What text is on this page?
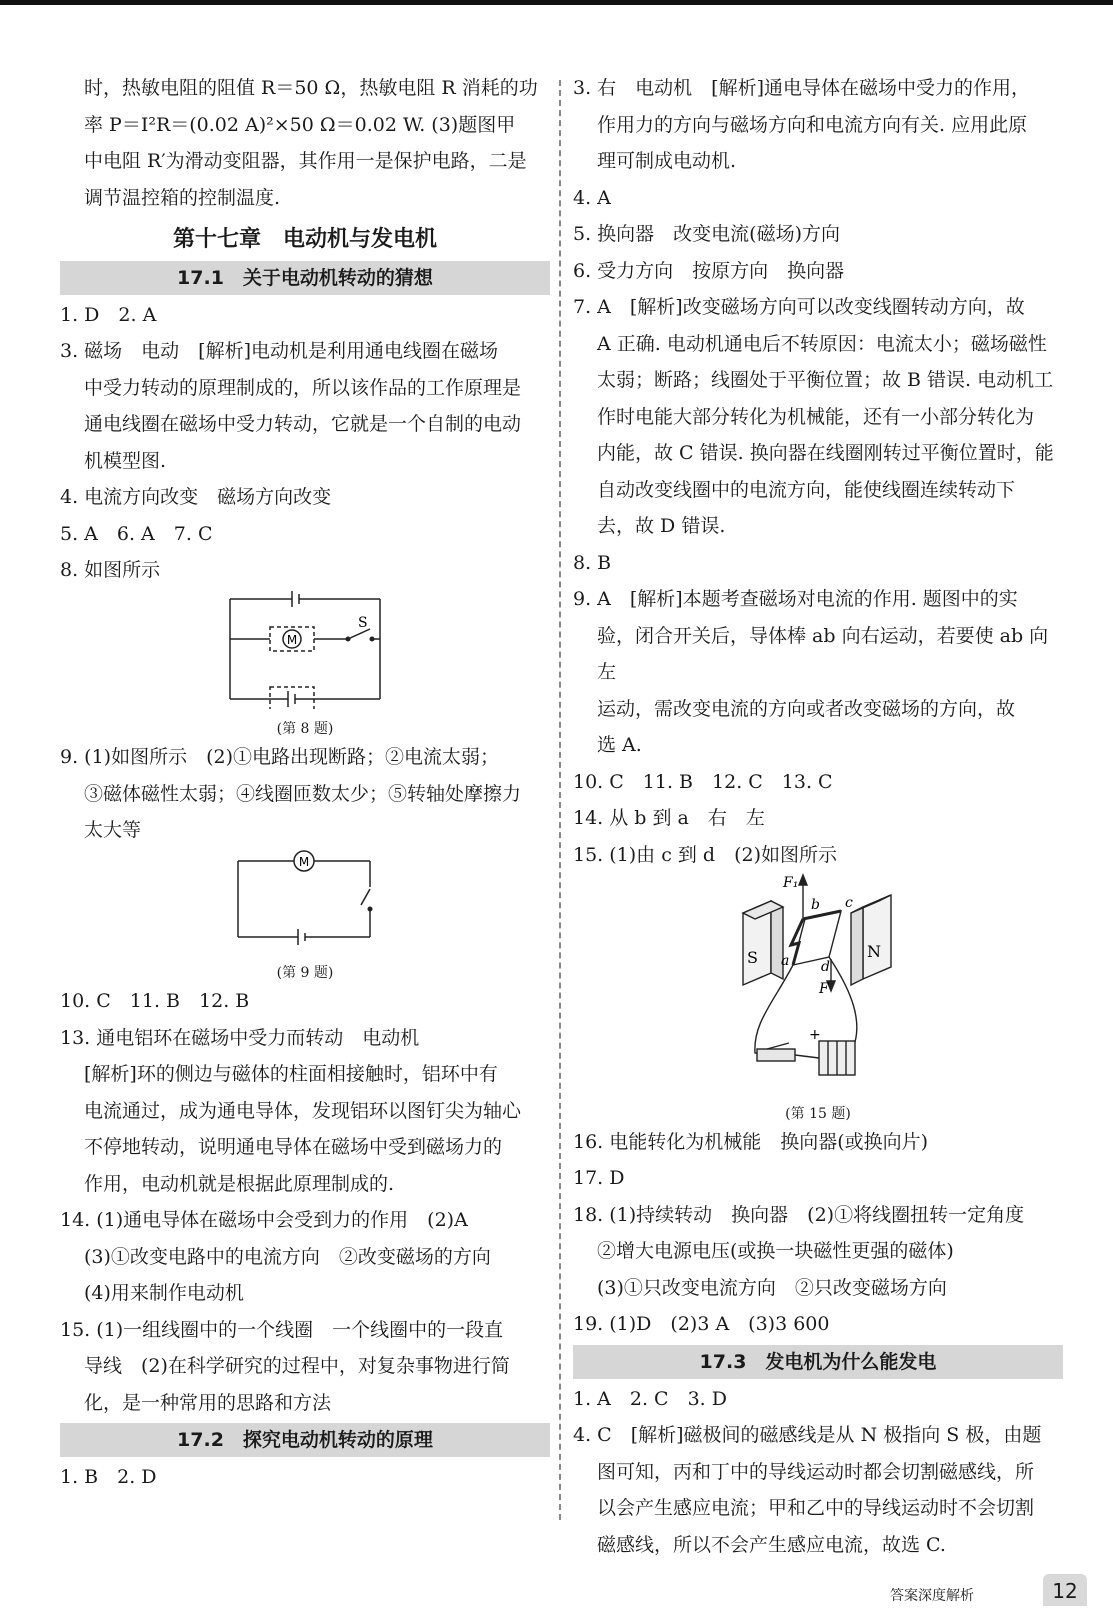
时，热敏电阻的阻值 R＝50 Ω，热敏电阻 R 消耗的功

率 P＝I²R＝(0.02 A)²×50 Ω＝0.02 W. (3)题图甲

中电阻 R′为滑动变阻器，其作用一是保护电路，二是

调节温控箱的控制温度.

第十七章　电动机与发电机
17.1　关于电动机转动的猜想

1. D　2. A

3. 磁场　电动　[解析]电动机是利用通电线圈在磁场

中受力转动的原理制成的，所以该作品的工作原理是

通电线圈在磁场中受力转动，它就是一个自制的电动

机模型图.

4. 电流方向改变　磁场方向改变

5. A　6. A　7. C

8. 如图所示

M
S
(第 8 题)

9. (1)如图所示　(2)①电路出现断路；②电流太弱；

③磁体磁性太弱；④线圈匝数太少；⑤转轴处摩擦力

太大等

M
(第 9 题)

10. C　11. B　12. B

13. 通电铝环在磁场中受力而转动　电动机

[解析]环的侧边与磁体的柱面相接触时，铝环中有

电流通过，成为通电导体，发现铝环以图钉尖为轴心

不停地转动，说明通电导体在磁场中受到磁场力的

作用，电动机就是根据此原理制成的.

14. (1)通电导体在磁场中会受到力的作用　(2)A

(3)①改变电路中的电流方向　②改变磁场的方向

(4)用来制作电动机

15. (1)一组线圈中的一个线圈　一个线圈中的一段直

导线　(2)在科学研究的过程中，对复杂事物进行简

化，是一种常用的思路和方法

17.2　探究电动机转动的原理

1. B　2. D

3. 右　电动机　[解析]通电导体在磁场中受力的作用，

作用力的方向与磁场方向和电流方向有关. 应用此原

理可制成电动机.

4. A

5. 换向器　改变电流(磁场)方向

6. 受力方向　按原方向　换向器

7. A　[解析]改变磁场方向可以改变线圈转动方向，故

A 正确. 电动机通电后不转原因：电流太小；磁场磁性

太弱；断路；线圈处于平衡位置；故 B 错误. 电动机工

作时电能大部分转化为机械能，还有一小部分转化为

内能，故 C 错误. 换向器在线圈刚转过平衡位置时，能

自动改变线圈中的电流方向，能使线圈连续转动下

去，故 D 错误.

8. B

9. A　[解析]本题考查磁场对电流的作用. 题图中的实

验，闭合开关后，导体棒 ab 向右运动，若要使 ab 向左

运动，需改变电流的方向或者改变磁场的方向，故

选 A.

10. C　11. B　12. C　13. C

14. 从 b 到 a　右　左

15. (1)由 c 到 d　(2)如图所示

S	N
a
b c
d
F₁
F
+
(第 15 题)

16. 电能转化为机械能　换向器(或换向片)

17. D

18. (1)持续转动　换向器　(2)①将线圈扭转一定角度

②增大电源电压(或换一块磁性更强的磁体)

(3)①只改变电流方向　②只改变磁场方向

19. (1)D　(2)3 A　(3)3 600

17.3　发电机为什么能发电

1. A　2. C　3. D

4. C　[解析]磁极间的磁感线是从 N 极指向 S 极，由题

图可知，丙和丁中的导线运动时都会切割磁感线，所

以会产生感应电流；甲和乙中的导线运动时不会切割

磁感线，所以不会产生感应电流，故选 C.

答案深度解析	12
